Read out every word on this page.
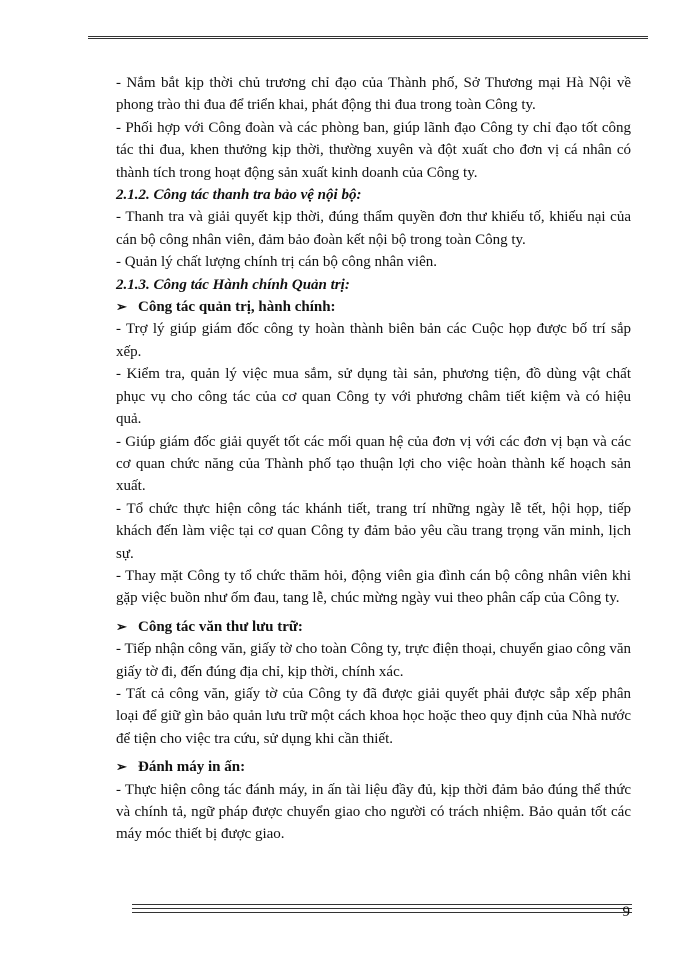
- Nắm bắt kịp thời chủ trương chỉ đạo của Thành phố, Sở Thương mại Hà Nội về phong trào thi đua để triển khai, phát động thi đua trong toàn Công ty.

- Phối hợp với Công đoàn và các phòng ban, giúp lãnh đạo Công ty chỉ đạo tốt công tác thi đua, khen thưởng kịp thời, thường xuyên và đột xuất cho đơn vị cá nhân có thành tích trong hoạt động sản xuất kinh doanh của Công ty.

2.1.2. Công tác thanh tra bảo vệ nội bộ:

- Thanh tra và giải quyết kịp thời, đúng thẩm quyền đơn thư khiếu tố, khiếu nại của cán bộ công nhân viên, đảm bảo đoàn kết nội bộ trong toàn Công ty.

- Quản lý chất lượng chính trị cán bộ công nhân viên.

2.1.3. Công tác Hành chính Quản trị:

➢ Công tác quản trị, hành chính:

- Trợ lý giúp giám đốc công ty hoàn thành biên bản các Cuộc họp được bố trí sắp xếp.

- Kiểm tra, quản lý việc mua sắm, sử dụng tài sản, phương tiện, đồ dùng vật chất phục vụ cho công tác của cơ quan Công ty với phương châm tiết kiệm và có hiệu quả.

- Giúp giám đốc giải quyết tốt các mối quan hệ của đơn vị với các đơn vị bạn và các cơ quan chức năng của Thành phố tạo thuận lợi cho việc hoàn thành kế hoạch sản xuất.

- Tổ chức thực hiện công tác khánh tiết, trang trí những ngày lễ tết, hội họp, tiếp khách đến làm việc tại cơ quan Công ty đảm bảo yêu cầu trang trọng văn minh, lịch sự.

- Thay mặt Công ty tổ chức thăm hỏi, động viên gia đình cán bộ công nhân viên khi gặp việc buồn như ốm đau, tang lễ, chúc mừng ngày vui theo phân cấp của Công ty.

➢ Công tác văn thư lưu trữ:

- Tiếp nhận công văn, giấy tờ cho toàn Công ty, trực điện thoại, chuyển giao công văn giấy tờ đi, đến đúng địa chỉ, kịp thời, chính xác.

- Tất cả công văn, giấy tờ của Công ty đã được giải quyết phải được sắp xếp phân loại để giữ gìn bảo quản lưu trữ một cách khoa học hoặc theo quy định của Nhà nước để tiện cho việc tra cứu, sử dụng khi cần thiết.

➢ Đánh máy in ấn:

- Thực hiện công tác đánh máy, in ấn tài liệu đầy đủ, kịp thời đảm bảo đúng thể thức và chính tả, ngữ pháp được chuyển giao cho người có trách nhiệm. Bảo quản tốt các máy móc thiết bị được giao.

9
